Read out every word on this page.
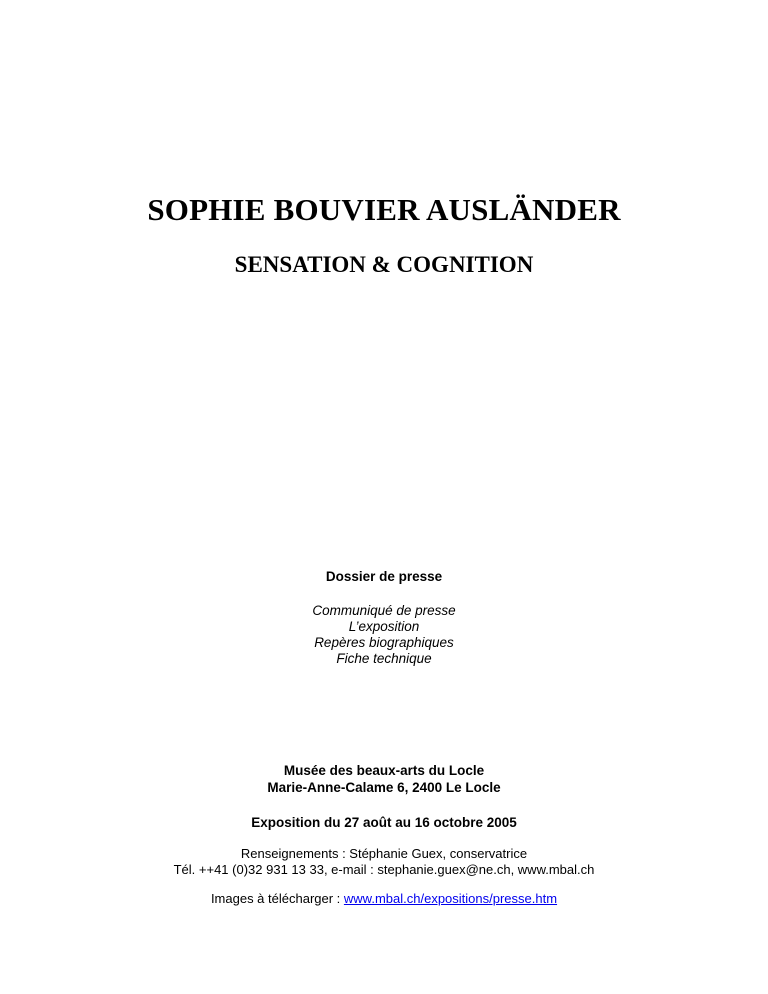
SOPHIE BOUVIER AUSLÄNDER
SENSATION & COGNITION
Dossier de presse
Communiqué de presse
L’exposition
Repères biographiques
Fiche technique
Musée des beaux-arts du Locle
Marie-Anne-Calame 6, 2400 Le Locle
Exposition du 27 août au 16 octobre 2005
Renseignements : Stéphanie Guex, conservatrice
Tél. ++41 (0)32 931 13 33, e-mail : stephanie.guex@ne.ch, www.mbal.ch
Images à télécharger : www.mbal.ch/expositions/presse.htm
